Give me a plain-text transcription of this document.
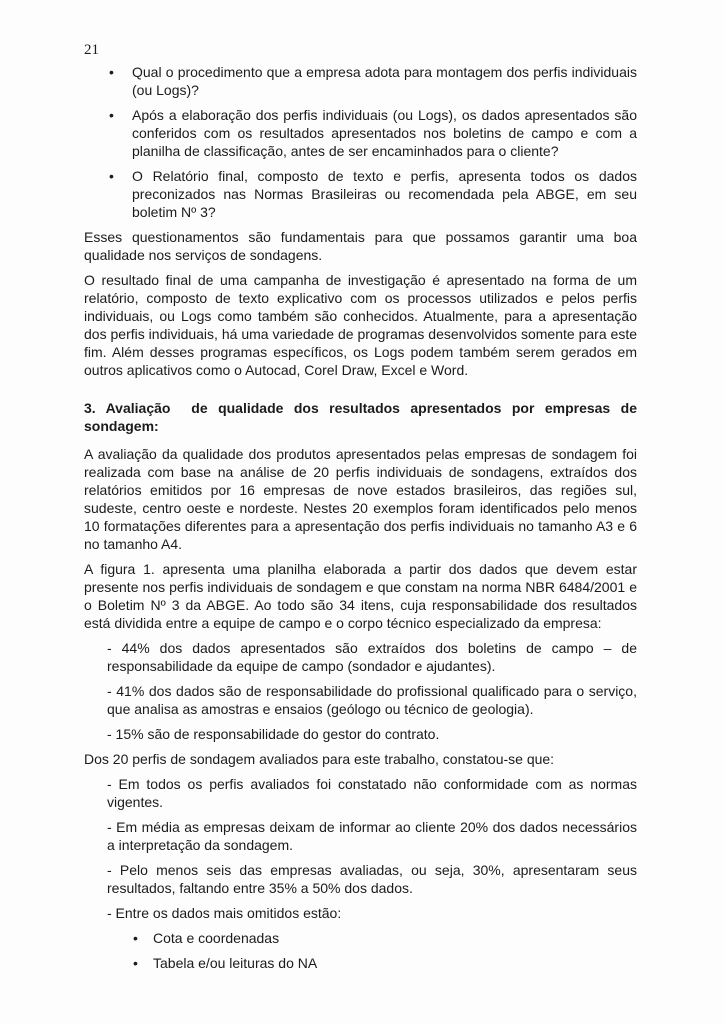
21
• Qual o procedimento que a empresa adota para montagem dos perfis individuais (ou Logs)?
• Após a elaboração dos perfis individuais (ou Logs), os dados apresentados são conferidos com os resultados apresentados nos boletins de campo e com a planilha de classificação, antes de ser encaminhados para o cliente?
• O Relatório final, composto de texto e perfis, apresenta todos os dados preconizados nas Normas Brasileiras ou recomendada pela ABGE, em seu boletim Nº 3?

Esses questionamentos são fundamentais para que possamos garantir uma boa qualidade nos serviços de sondagens.

O resultado final de uma campanha de investigação é apresentado na forma de um relatório, composto de texto explicativo com os processos utilizados e pelos perfis individuais, ou Logs como também são conhecidos. Atualmente, para a apresentação dos perfis individuais, há uma variedade de programas desenvolvidos somente para este fim. Além desses programas específicos, os Logs podem também serem gerados em outros aplicativos como o Autocad, Corel Draw, Excel e Word.

3. Avaliação  de qualidade dos resultados apresentados por empresas de sondagem:

A avaliação da qualidade dos produtos apresentados pelas empresas de sondagem foi realizada com base na análise de 20 perfis individuais de sondagens, extraídos dos relatórios emitidos por 16 empresas de nove estados brasileiros, das regiões sul, sudeste, centro oeste e nordeste. Nestes 20 exemplos foram identificados pelo menos 10 formatações diferentes para a apresentação dos perfis individuais no tamanho A3 e 6 no tamanho A4.

A figura 1. apresenta uma planilha elaborada a partir dos dados que devem estar presente nos perfis individuais de sondagem e que constam na norma NBR 6484/2001 e o Boletim Nº 3 da ABGE. Ao todo são 34 itens, cuja responsabilidade dos resultados está dividida entre a equipe de campo e o corpo técnico especializado da empresa:

- 44% dos dados apresentados são extraídos dos boletins de campo – de responsabilidade da equipe de campo (sondador e ajudantes).
- 41% dos dados são de responsabilidade do profissional qualificado para o serviço, que analisa as amostras e ensaios (geólogo ou técnico de geologia).
- 15% são de responsabilidade do gestor do contrato.

Dos 20 perfis de sondagem avaliados para este trabalho, constatou-se que:

- Em todos os perfis avaliados foi constatado não conformidade com as normas vigentes.
- Em média as empresas deixam de informar ao cliente 20% dos dados necessários a interpretação da sondagem.
- Pelo menos seis das empresas avaliadas, ou seja, 30%, apresentaram seus resultados, faltando entre 35% a 50% dos dados.
- Entre os dados mais omitidos estão:
• Cota e coordenadas
• Tabela e/ou leituras do NA
